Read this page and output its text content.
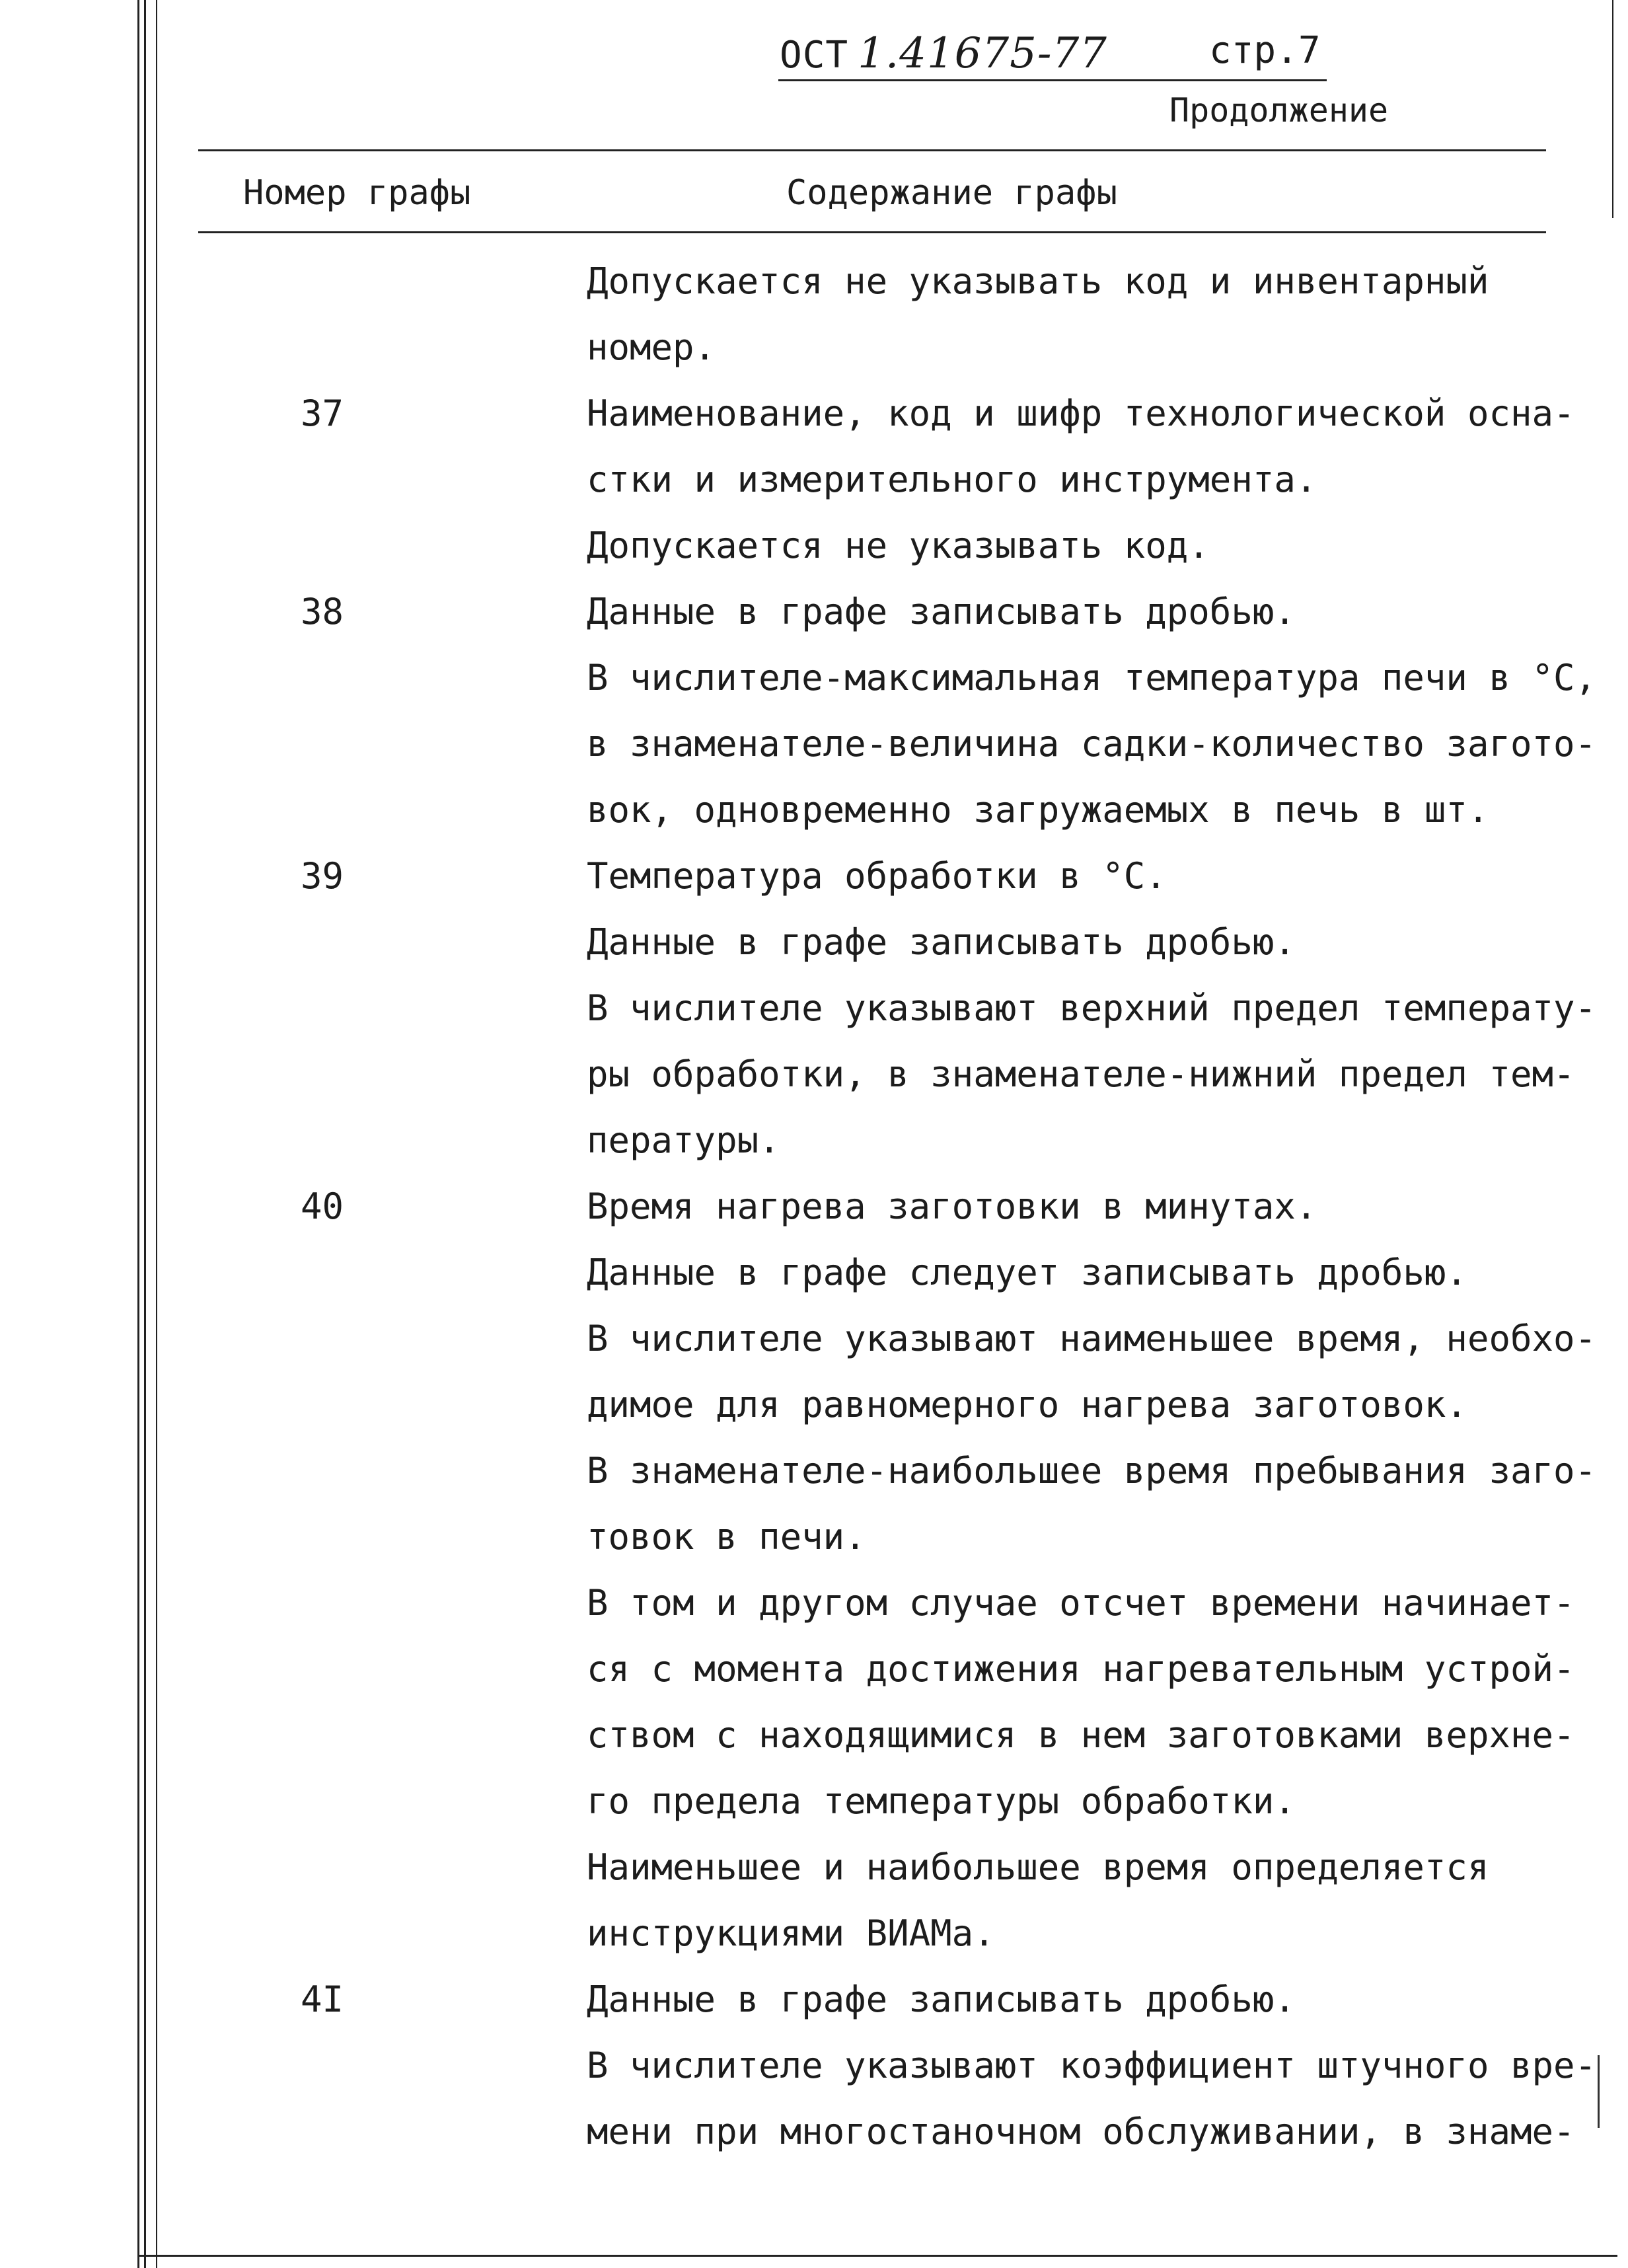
ОСТ 1.41675-77	стр.7
Продолжение
Номер графы	Содержание графы
Допускается не указывать код и инвентарный
номер.
37	Наименование, код и шифр технологической осна-
стки и измерительного инструмента.
Допускается не указывать код.
38	Данные в графе записывать дробью.
В числителе-максимальная температура печи в °С,
в знаменателе-величина садки-количество загото-
вок, одновременно загружаемых в печь в шт.
39	Температура обработки в °С.
Данные в графе записывать дробью.
В числителе указывают верхний предел температу-
ры обработки, в знаменателе-нижний предел тем-
пературы.
40	Время нагрева заготовки в минутах.
Данные в графе следует записывать дробью.
В числителе указывают наименьшее время, необхо-
димое для равномерного нагрева заготовок.
В знаменателе-наибольшее время пребывания заго-
товок в печи.
В том и другом случае отсчет времени начинает-
ся с момента достижения нагревательным устрой-
ством с находящимися в нем заготовками верхне-
го предела температуры обработки.
Наименьшее и наибольшее время определяется
инструкциями ВИАМа.
4I	Данные в графе записывать дробью.
В числителе указывают коэффициент штучного вре-
мени при многостаночном обслуживании, в знаме-
